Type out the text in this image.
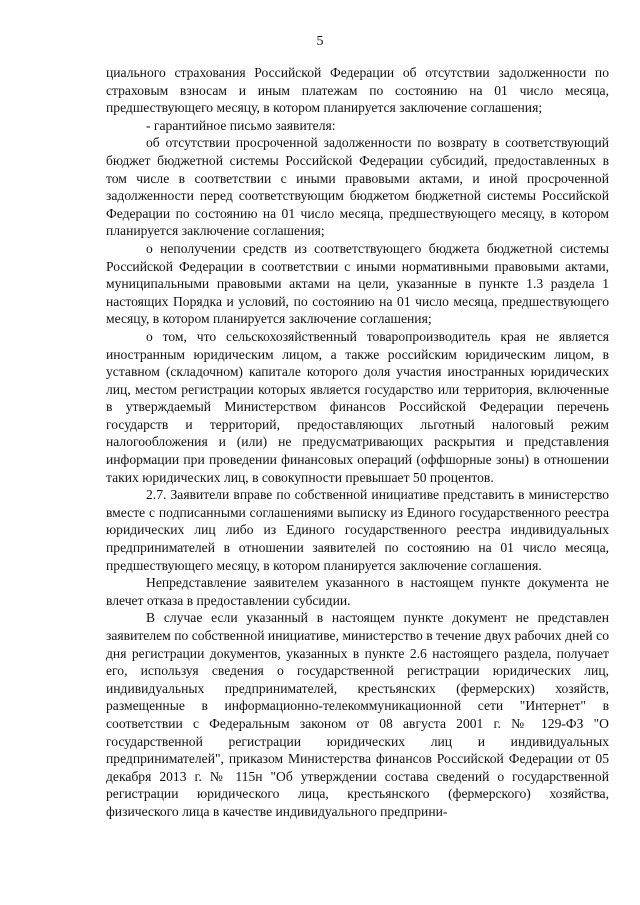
5

циального страхования Российской Федерации об отсутствии задолженности по страховым взносам и иным платежам по состоянию на 01 число месяца, предшествующего месяцу, в котором планируется заключение соглашения;

- гарантийное письмо заявителя:

об отсутствии просроченной задолженности по возврату в соответствующий бюджет бюджетной системы Российской Федерации субсидий, предоставленных в том числе в соответствии с иными правовыми актами, и иной просроченной задолженности перед соответствующим бюджетом бюджетной системы Российской Федерации по состоянию на 01 число месяца, предшествующего месяцу, в котором планируется заключение соглашения;

о неполучении средств из соответствующего бюджета бюджетной системы Российской Федерации в соответствии с иными нормативными правовыми актами, муниципальными правовыми актами на цели, указанные в пункте 1.3 раздела 1 настоящих Порядка и условий, по состоянию на 01 число месяца, предшествующего месяцу, в котором планируется заключение соглашения;

о том, что сельскохозяйственный товаропроизводитель края не является иностранным юридическим лицом, а также российским юридическим лицом, в уставном (складочном) капитале которого доля участия иностранных юридических лиц, местом регистрации которых является государство или территория, включенные в утверждаемый Министерством финансов Российской Федерации перечень государств и территорий, предоставляющих льготный налоговый режим налогообложения и (или) не предусматривающих раскрытия и представления информации при проведении финансовых операций (оффшорные зоны) в отношении таких юридических лиц, в совокупности превышает 50 процентов.

2.7. Заявители вправе по собственной инициативе представить в министерство вместе с подписанными соглашениями выписку из Единого государственного реестра юридических лиц либо из Единого государственного реестра индивидуальных предпринимателей в отношении заявителей по состоянию на 01 число месяца, предшествующего месяцу, в котором планируется заключение соглашения.

Непредставление заявителем указанного в настоящем пункте документа не влечет отказа в предоставлении субсидии.

В случае если указанный в настоящем пункте документ не представлен заявителем по собственной инициативе, министерство в течение двух рабочих дней со дня регистрации документов, указанных в пункте 2.6 настоящего раздела, получает его, используя сведения о государственной регистрации юридических лиц, индивидуальных предпринимателей, крестьянских (фермерских) хозяйств, размещенные в информационно-телекоммуникационной сети "Интернет" в соответствии с Федеральным законом от 08 августа 2001 г. № 129-ФЗ "О государственной регистрации юридических лиц и индивидуальных предпринимателей", приказом Министерства финансов Российской Федерации от 05 декабря 2013 г. № 115н "Об утверждении состава сведений о государственной регистрации юридического лица, крестьянского (фермерского) хозяйства, физического лица в качестве индивидуального предприни-
